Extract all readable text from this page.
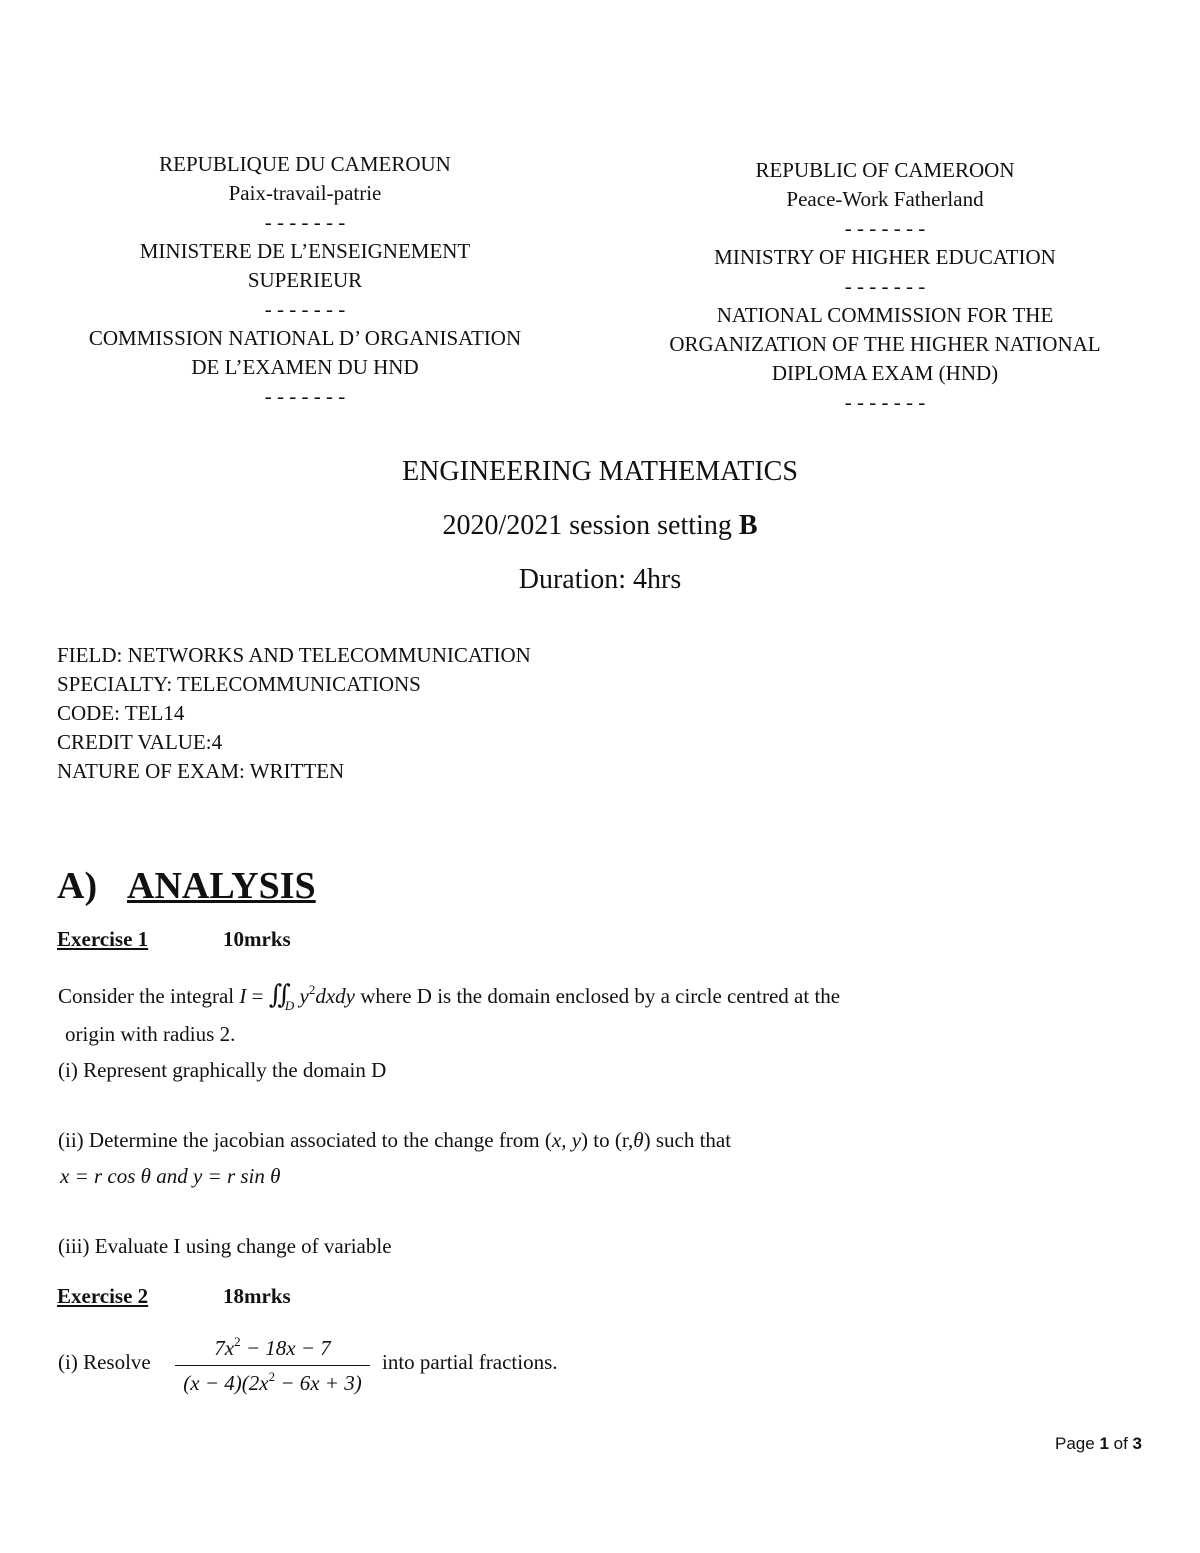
REPUBLIQUE DU CAMEROUN
Paix-travail-patrie
- - - - - - -
MINISTERE DE L’ENSEIGNEMENT
SUPERIEUR
- - - - - - -
COMMISSION NATIONAL D’ ORGANISATION
DE L’EXAMEN DU HND
- - - - - - -
REPUBLIC OF CAMEROON
Peace-Work Fatherland
- - - - - - -
MINISTRY OF HIGHER EDUCATION
- - - - - - -
NATIONAL COMMISSION FOR THE
ORGANIZATION OF THE HIGHER NATIONAL
DIPLOMA EXAM (HND)
- - - - - - -
ENGINEERING MATHEMATICS
2020/2021 session setting B
Duration: 4hrs
FIELD: NETWORKS AND TELECOMMUNICATION
SPECIALTY: TELECOMMUNICATIONS
CODE: TEL14
CREDIT VALUE:4
NATURE OF EXAM: WRITTEN
A) ANALYSIS
Exercise 1	10mrks
Consider the integral $I = ∬_D$ $y^2dxdy$ where D is the domain enclosed by a circle centred at the
origin with radius 2.
(i) Represent graphically the domain D
(ii) Determine the jacobian associated to the change from (x, y) to (r,θ) such that
x = r cos θ and y = r sin θ
(iii) Evaluate I using change of variable
Exercise 2	18mrks
(i) Resolve
$7x^2 - 18x - 7$
$(x - 4)(2x^2 - 6x + 3)$
into partial fractions.
Page 1 of 3
